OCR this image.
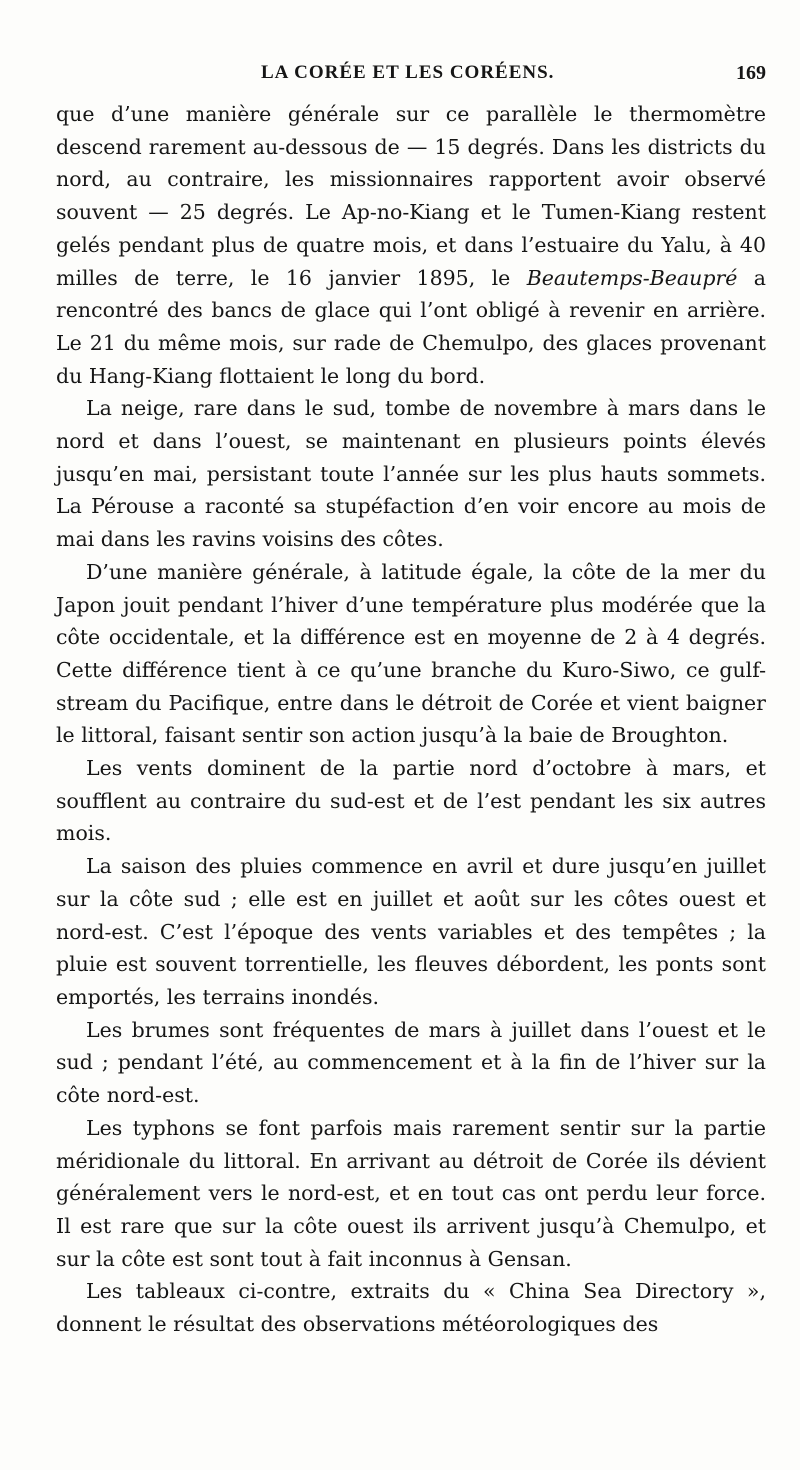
LA CORÉE ET LES CORÉENS.	169

que d’une manière générale sur ce parallèle le thermomètre descend rarement au-dessous de — 15 degrés. Dans les districts du nord, au contraire, les missionnaires rapportent avoir observé souvent — 25 degrés. Le Ap-no-Kiang et le Tumen-Kiang restent gelés pendant plus de quatre mois, et dans l’estuaire du Yalu, à 40 milles de terre, le 16 janvier 1895, le Beautemps-Beaupré a rencontré des bancs de glace qui l’ont obligé à revenir en arrière. Le 21 du même mois, sur rade de Chemulpo, des glaces provenant du Hang-Kiang flottaient le long du bord.

La neige, rare dans le sud, tombe de novembre à mars dans le nord et dans l’ouest, se maintenant en plusieurs points élevés jusqu’en mai, persistant toute l’année sur les plus hauts sommets. La Pérouse a raconté sa stupéfaction d’en voir encore au mois de mai dans les ravins voisins des côtes.

D’une manière générale, à latitude égale, la côte de la mer du Japon jouit pendant l’hiver d’une température plus modérée que la côte occidentale, et la différence est en moyenne de 2 à 4 degrés. Cette différence tient à ce qu’une branche du Kuro-Siwo, ce gulf-stream du Pacifique, entre dans le détroit de Corée et vient baigner le littoral, faisant sentir son action jusqu’à la baie de Broughton.

Les vents dominent de la partie nord d’octobre à mars, et soufflent au contraire du sud-est et de l’est pendant les six autres mois.

La saison des pluies commence en avril et dure jusqu’en juillet sur la côte sud ; elle est en juillet et août sur les côtes ouest et nord-est. C’est l’époque des vents variables et des tempêtes ; la pluie est souvent torrentielle, les fleuves débordent, les ponts sont emportés, les terrains inondés.

Les brumes sont fréquentes de mars à juillet dans l’ouest et le sud ; pendant l’été, au commencement et à la fin de l’hiver sur la côte nord-est.

Les typhons se font parfois mais rarement sentir sur la partie méridionale du littoral. En arrivant au détroit de Corée ils dévient généralement vers le nord-est, et en tout cas ont perdu leur force. Il est rare que sur la côte ouest ils arrivent jusqu’à Chemulpo, et sur la côte est sont tout à fait inconnus à Gensan.

Les tableaux ci-contre, extraits du « China Sea Directory », donnent le résultat des observations météorologiques des
